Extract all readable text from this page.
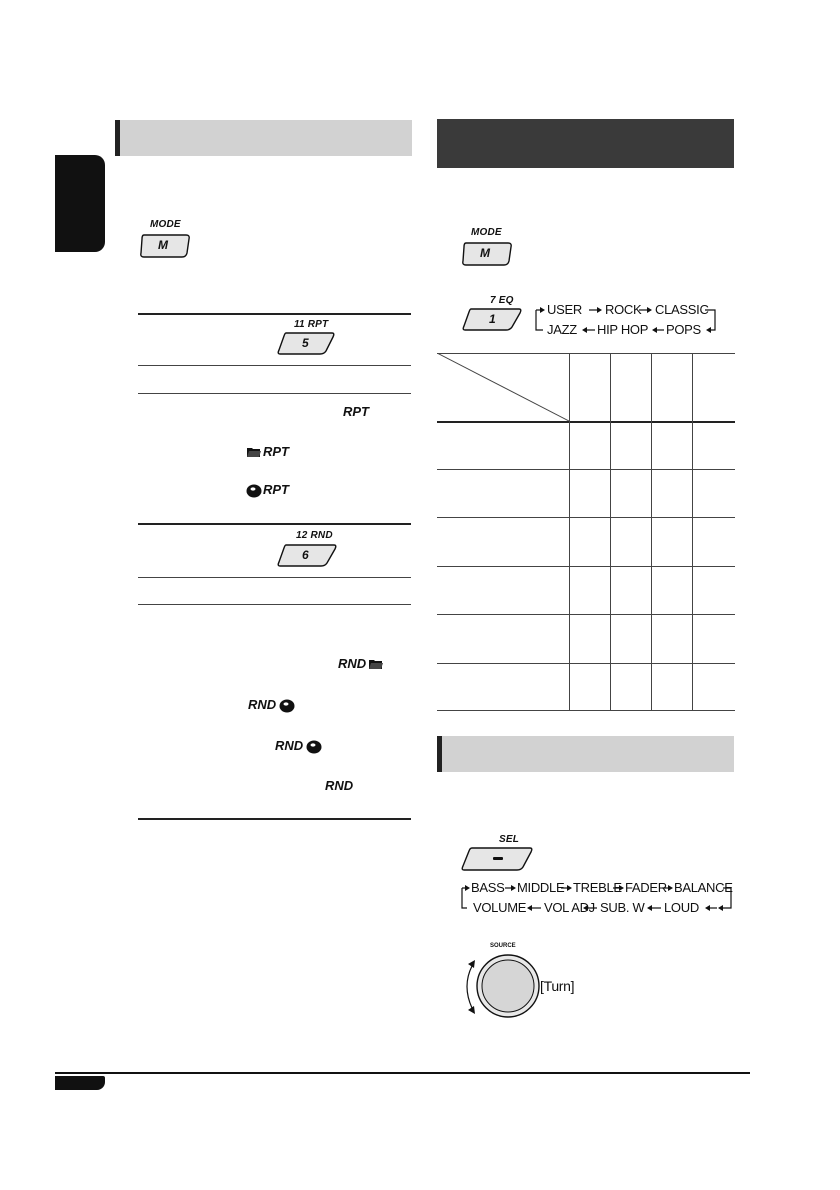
MODE
M
11 RPT
5
RPT
RPT
RPT
12 RND
6
RND
RND
RND
RND
MODE
M
7 EQ
1
USER ROCK CLASSIC
JAZZ HIP HOP POPS
SEL
BASS MIDDLE TREBLE FADER BALANCE
VOLUME VOL ADJ SUB. W LOUD
SOURCE
[Turn]
